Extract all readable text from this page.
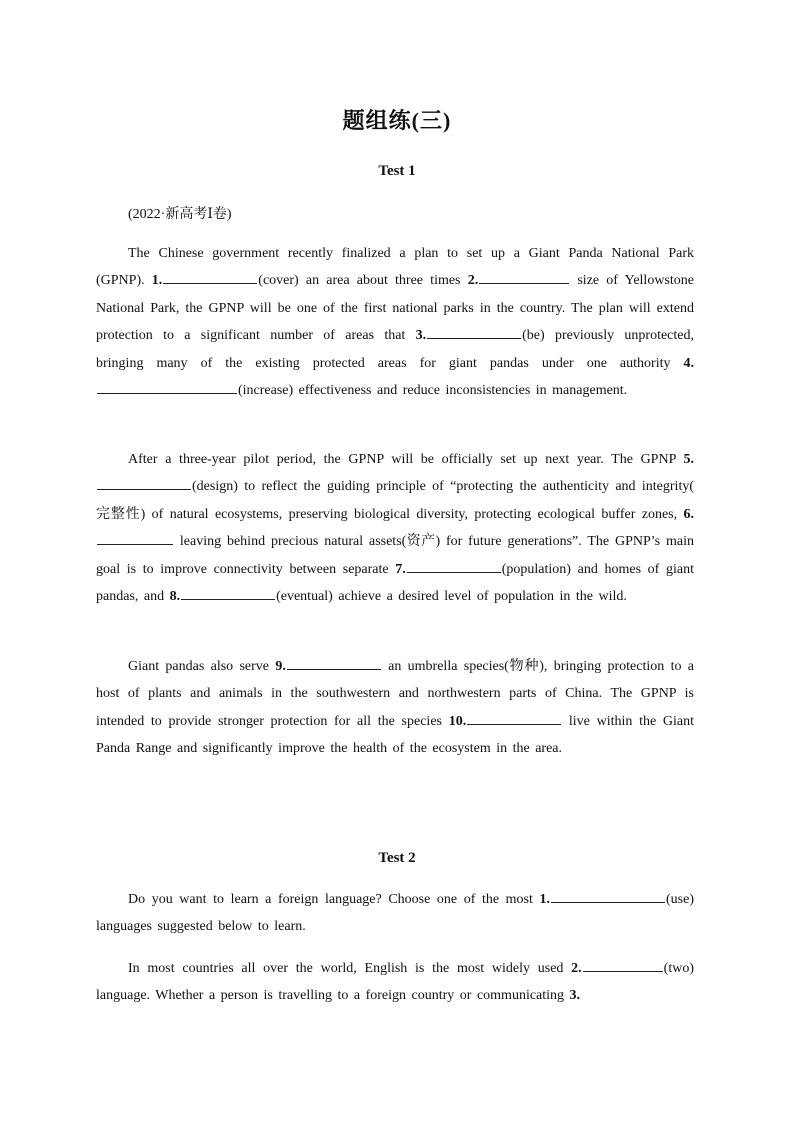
题组练(三)
Test 1
(2022·新高考Ⅰ卷)

The Chinese government recently finalized a plan to set up a Giant Panda National Park (GPNP). 1.	(cover) an area about three times 2.	size of Yellowstone National Park, the GPNP will be one of the first national parks in the country. The plan will extend protection to a significant number of areas that 3.	(be) previously unprotected, bringing many of the existing protected areas for giant pandas under one authority 4.(increase) effectiveness and reduce inconsistencies in management.

After a three-year pilot period, the GPNP will be officially set up next year. The GPNP 5.(design) to reflect the guiding principle of “protecting the authenticity and integrity( 完整性) of natural ecosystems, preserving biological diversity, protecting ecological buffer zones, 6. leaving behind precious natural assets(资产) for future generations”. The GPNP’s main goal is to improve connectivity between separate 7.	(population) and homes of giant pandas, and 8.	(eventual) achieve a desired level of population in the wild.

Giant pandas also serve 9.	an umbrella species(物种), bringing protection to a host of plants and animals in the southwestern and northwestern parts of China. The GPNP is intended to provide stronger protection for all the species 10.	live within the Giant Panda Range and significantly improve the health of the ecosystem in the area.

Test 2

Do you want to learn a foreign language? Choose one of the most 1.	(use) languages suggested below to learn.

In most countries all over the world, English is the most widely used 2.	(two) language. Whether a person is travelling to a foreign country or communicating 3.
